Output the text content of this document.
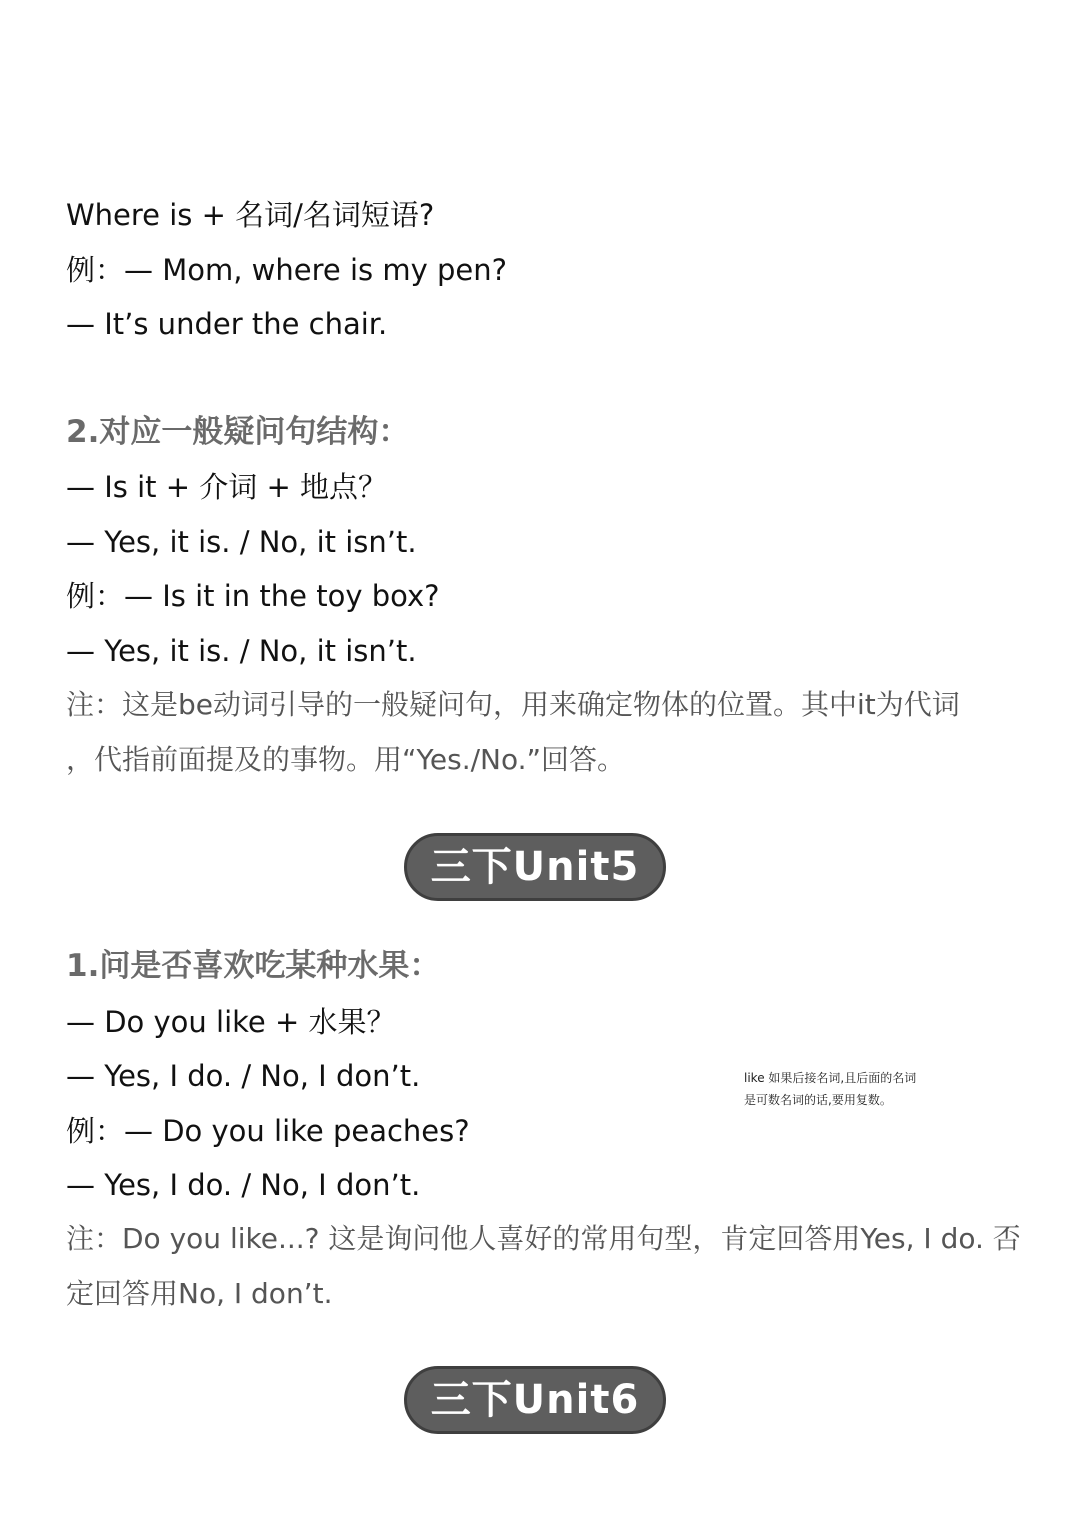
Where is + 名词/名词短语?
例：— Mom, where is my pen?
— It’s under the chair.
2.对应一般疑问句结构：
— Is it + 介词 + 地点？
— Yes, it is. / No, it isn’t.
例：— Is it in the toy box?
— Yes, it is. / No, it isn’t.
注：这是be动词引导的一般疑问句，用来确定物体的位置。其中it为代词
，代指前面提及的事物。用“Yes./No.”回答。
三下Unit5
1.问是否喜欢吃某种水果：
— Do you like + 水果？
— Yes, I do. / No, I don’t.	like 如果后接名词,且后面的名词
是可数名词的话,要用复数。
例：— Do you like peaches?
— Yes, I do. / No, I don’t.
注：Do you like...? 这是询问他人喜好的常用句型，肯定回答用Yes, I do. 否
定回答用No, I don’t.
三下Unit6
